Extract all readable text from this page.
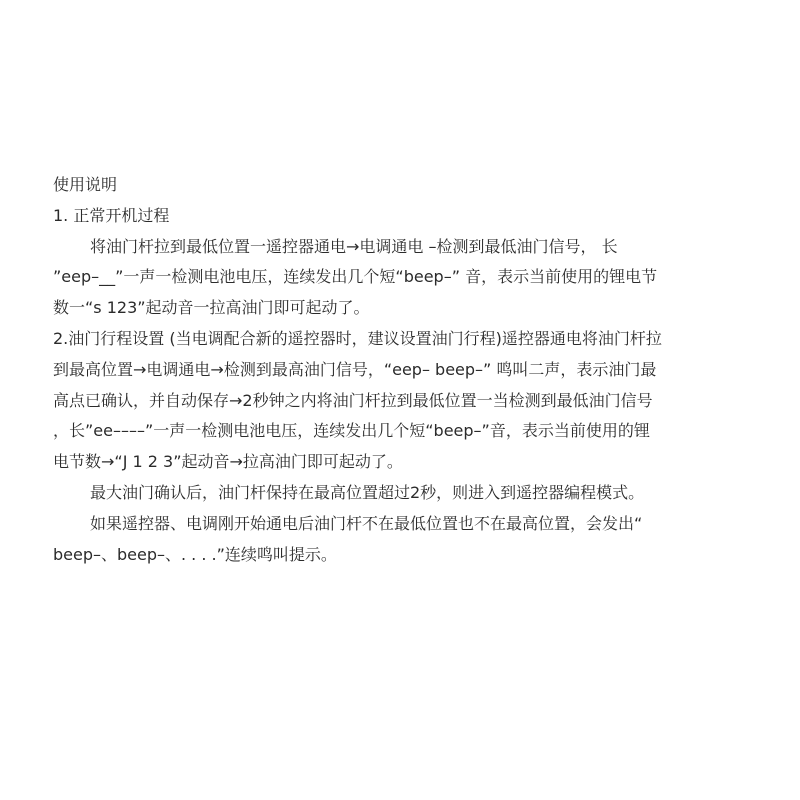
使用说明
1. 正常开机过程
将油门杆拉到最低位置一遥控器通电→电调通电 –检测到最低油门信号， 长
”eep–__”一声一检测电池电压，连续发出几个短“beep–” 音，表示当前使用的锂电节
数一“s 123”起动音一拉高油门即可起动了。
2.油门行程设置 (当电调配合新的遥控器时，建议设置油门行程)遥控器通电将油门杆拉
到最高位置→电调通电→检测到最高油门信号，“eep– beep–” 鸣叫二声，表示油门最
高点已确认，并自动保存→2秒钟之内将油门杆拉到最低位置一当检测到最低油门信号
，长”ee––––”一声一检测电池电压，连续发出几个短“beep–”音，表示当前使用的锂
电节数→“J 1 2 3”起动音→拉高油门即可起动了。
最大油门确认后，油门杆保持在最高位置超过2秒，则进入到遥控器编程模式。
如果遥控器、电调刚开始通电后油门杆不在最低位置也不在最高位置，会发出“
beep–、beep–、. . . .”连续鸣叫提示。
